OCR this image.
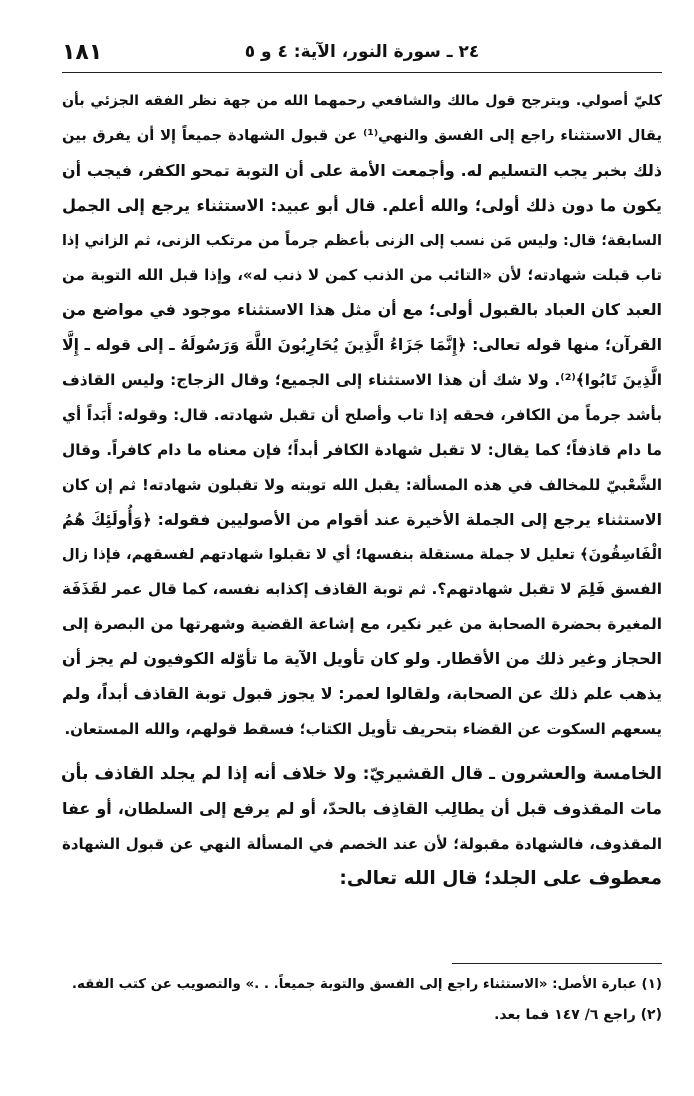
١٨١	٢٤ ـ سورة النور، الآية: ٤ و ٥
كليّ أصولي. ويترجح قول مالك والشافعي رحمهما الله من جهة نظر الفقه الجزئي بأن
يقال الاستثناء راجع إلى الفسق والنهي⁽¹⁾ عن قبول الشهادة جميعاً إلا أن يفرق بين
ذلك بخبر يجب التسليم له. وأجمعت الأمة على أن التوبة تمحو الكفر، فيجب أن
يكون ما دون ذلك أولى؛ والله أعلم. قال أبو عبيد: الاستثناء يرجع إلى الجمل
السابقة؛ قال: وليس مَن نسب إلى الزنى بأعظم جرماً من مرتكب الزنى، ثم الزاني إذا
تاب قبلت شهادته؛ لأن «التائب من الذنب كمن لا ذنب له»، وإذا قبل الله التوبة من
العبد كان العباد بالقبول أولى؛ مع أن مثل هذا الاستثناء موجود في مواضع من
القرآن؛ منها قوله تعالى: ﴿إِنَّمَا جَزَاءُ الَّذِينَ يُحَارِبُونَ اللَّهَ وَرَسُولَهُ ـ إلى قوله ـ إِلَّا
الَّذِينَ تَابُوا﴾⁽²⁾. ولا شك أن هذا الاستثناء إلى الجميع؛ وقال الزجاج: وليس القاذف
بأشد جرماً من الكافر، فحقه إذا تاب وأصلح أن تقبل شهادته. قال: وقوله: أَبَداً أي
ما دام قاذفاً؛ كما يقال: لا تقبل شهادة الكافر أبداً؛ فإن معناه ما دام كافراً. وقال
الشَّعْبيّ للمخالف في هذه المسألة: يقبل الله توبته ولا تقبلون شهادته! ثم إن كان
الاستثناء يرجع إلى الجملة الأخيرة عند أقوام من الأصوليين فقوله: ﴿وَأُولَئِكَ هُمُ
الْفَاسِقُونَ﴾ تعليل لا جملة مستقلة بنفسها؛ أي لا تقبلوا شهادتهم لفسقهم، فإذا زال
الفسق فَلِمَ لا تقبل شهادتهم؟. ثم توبة القاذف إكذابه نفسه، كما قال عمر لقَذَفَة
المغيرة بحضرة الصحابة من غير نكير، مع إشاعة القضية وشهرتها من البصرة إلى
الحجاز وغير ذلك من الأقطار. ولو كان تأويل الآية ما تأوّله الكوفيون لم يجز أن
يذهب علم ذلك عن الصحابة، ولقالوا لعمر: لا يجوز قبول توبة القاذف أبداً، ولم
يسعهم السكوت عن القضاء بتحريف تأويل الكتاب؛ فسقط قولهم، والله المستعان.
الخامسة والعشرون ـ قال القشيريّ: ولا خلاف أنه إذا لم يجلد القاذف بأن
مات المقذوف قبل أن يطالِب القاذِف بالحدّ، أو لم يرفع إلى السلطان، أو عفا
المقذوف، فالشهادة مقبولة؛ لأن عند الخصم في المسألة النهي عن قبول الشهادة
معطوف على الجلد؛ قال الله تعالى:
(١) عبارة الأصل: «الاستثناء راجع إلى الفسق والتوبة جميعاً. . .» والتصويب عن كتب الفقه.
(٢) راجع ٦/ ١٤٧ فما بعد.
